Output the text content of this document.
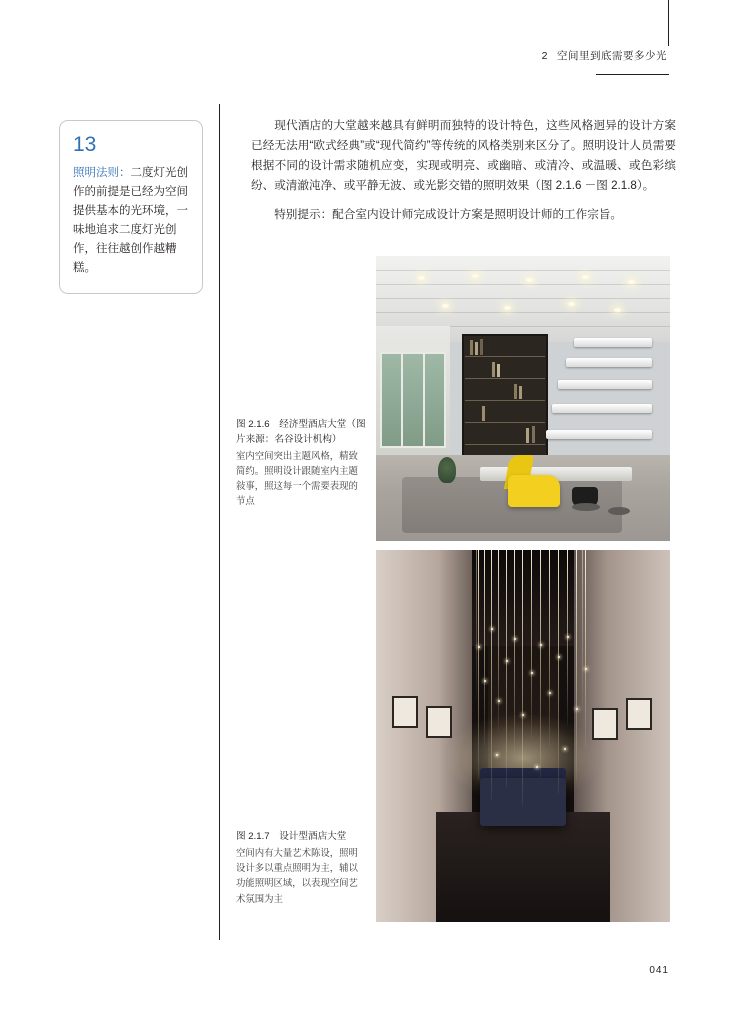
2 空间里到底需要多少光
13
照明法则：二度灯光创作的前提是已经为空间提供基本的光环境，一味地追求二度灯光创作，往往越创作越糟糕。

现代酒店的大堂越来越具有鲜明而独特的设计特色，这些风格迥异的设计方案已经无法用“欧式经典”或“现代简约”等传统的风格类别来区分了。照明设计人员需要根据不同的设计需求随机应变，实现或明亮、或幽暗、或清冷、或温暖、或色彩缤纷、或清澈沌净、或平静无波、或光影交错的照明效果（图 2.1.6 －图 2.1.8）。

特别提示：配合室内设计师完成设计方案是照明设计师的工作宗旨。

图 2.1.6　经济型酒店大堂（图片来源：名谷设计机构）
室内空间突出主题风格，精致简约。照明设计跟随室内主题敍事，照这每一个需要表现的节点
图 2.1.7　设计型酒店大堂
空间内有大量艺术陈设，照明设计多以重点照明为主，辅以功能照明区域，以表现空间艺术氛围为主
041
